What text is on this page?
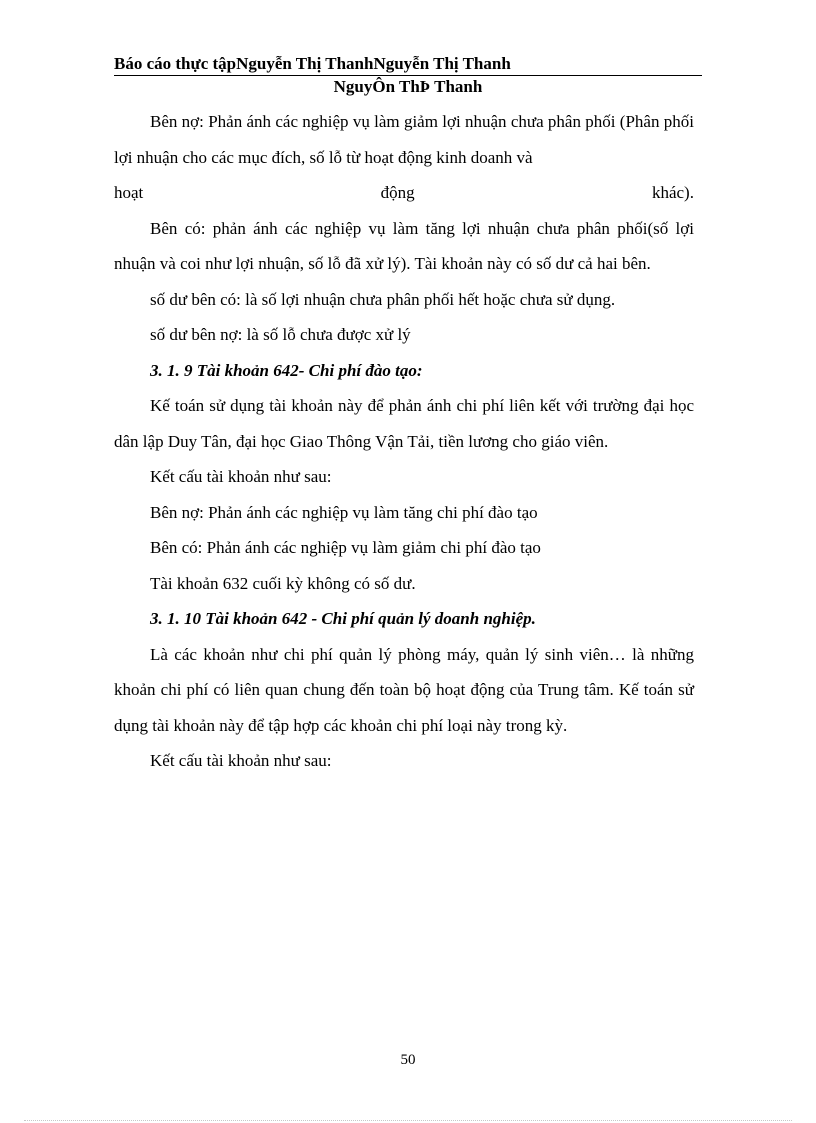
Báo cáo thực tậpNguyễn Thị ThanhNguyễn Thị Thanh
NguyÔn ThÞ Thanh

Bên nợ: Phản ánh các nghiệp vụ làm giảm lợi nhuận chưa phân phối (Phân phối lợi nhuận cho các mục đích, số lỗ từ hoạt động kinh doanh và

hoạt	động	khác).

Bên có: phản ánh các nghiệp vụ làm tăng lợi nhuận chưa phân phối(số lợi nhuận và coi như lợi nhuận, số lỗ đã xử lý). Tài khoản này có số dư cả hai bên.

số dư bên có: là số lợi nhuận chưa phân phối hết hoặc chưa sử dụng.

số dư bên nợ: là số lỗ chưa được xử lý

3. 1. 9 Tài khoản 642- Chi phí đào tạo:

Kế toán sử dụng tài khoản này để phản ánh chi phí liên kết với trường đại học dân lập Duy Tân, đại học Giao Thông Vận Tải, tiền lương cho giáo viên.

Kết cấu tài khoản như sau:

Bên nợ: Phản ánh các nghiệp vụ làm tăng chi phí đào tạo

Bên có: Phản ánh các nghiệp vụ làm giảm chi phí đào tạo

Tài khoản 632 cuối kỳ không có số dư.

3. 1. 10 Tài khoản 642 - Chi phí quản lý doanh nghiệp.

Là các khoản như chi phí quản lý phòng máy, quản lý sinh viên… là những khoản chi phí có liên quan chung đến toàn bộ hoạt động của Trung tâm. Kế toán sử dụng tài khoản này để tập hợp các khoản chi phí loại này trong kỳ.

Kết cấu tài khoản như sau:

50
